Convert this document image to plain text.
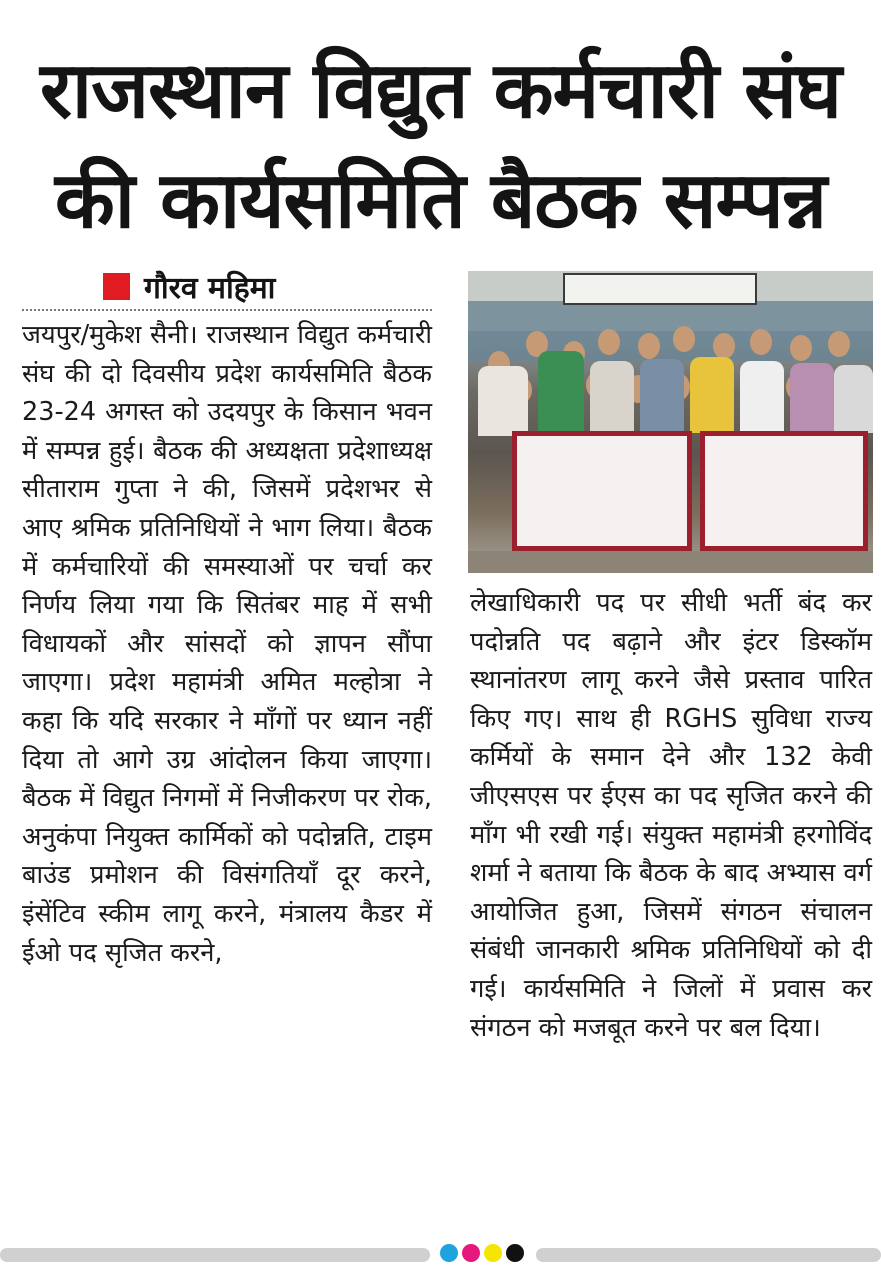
राजस्थान विद्युत कर्मचारी संघ
की कार्यसमिति बैठक सम्पन्न
गौरव महिमा
जयपुर/मुकेश सैनी। राजस्थान विद्युत कर्मचारी संघ की दो दिवसीय प्रदेश कार्यसमिति बैठक 23-24 अगस्त को उदयपुर के किसान भवन में सम्पन्न हुई। बैठक की अध्यक्षता प्रदेशाध्यक्ष सीताराम गुप्ता ने की, जिसमें प्रदेशभर से आए श्रमिक प्रतिनिधियों ने भाग लिया। बैठक में कर्मचारियों की समस्याओं पर चर्चा कर निर्णय लिया गया कि सितंबर माह में सभी विधायकों और सांसदों को ज्ञापन सौंपा जाएगा। प्रदेश महामंत्री अमित मल्होत्रा ने कहा कि यदि सरकार ने माँगों पर ध्यान नहीं दिया तो आगे उग्र आंदोलन किया जाएगा। बैठक में विद्युत निगमों में निजीकरण पर रोक, अनुकंपा नियुक्त कार्मिकों को पदोन्नति, टाइम बाउंड प्रमोशन की विसंगतियाँ दूर करने, इंसेंटिव स्कीम लागू करने, मंत्रालय कैडर में ईओ पद सृजित करने,
लेखाधिकारी पद पर सीधी भर्ती बंद कर पदोन्नति पद बढ़ाने और इंटर डिस्कॉम स्थानांतरण लागू करने जैसे प्रस्ताव पारित किए गए। साथ ही RGHS सुविधा राज्य कर्मियों के समान देने और 132 केवी जीएसएस पर ईएस का पद सृजित करने की माँग भी रखी गई। संयुक्त महामंत्री हरगोविंद शर्मा ने बताया कि बैठक के बाद अभ्यास वर्ग आयोजित हुआ, जिसमें संगठन संचालन संबंधी जानकारी श्रमिक प्रतिनिधियों को दी गई। कार्यसमिति ने जिलों में प्रवास कर संगठन को मजबूत करने पर बल दिया।
